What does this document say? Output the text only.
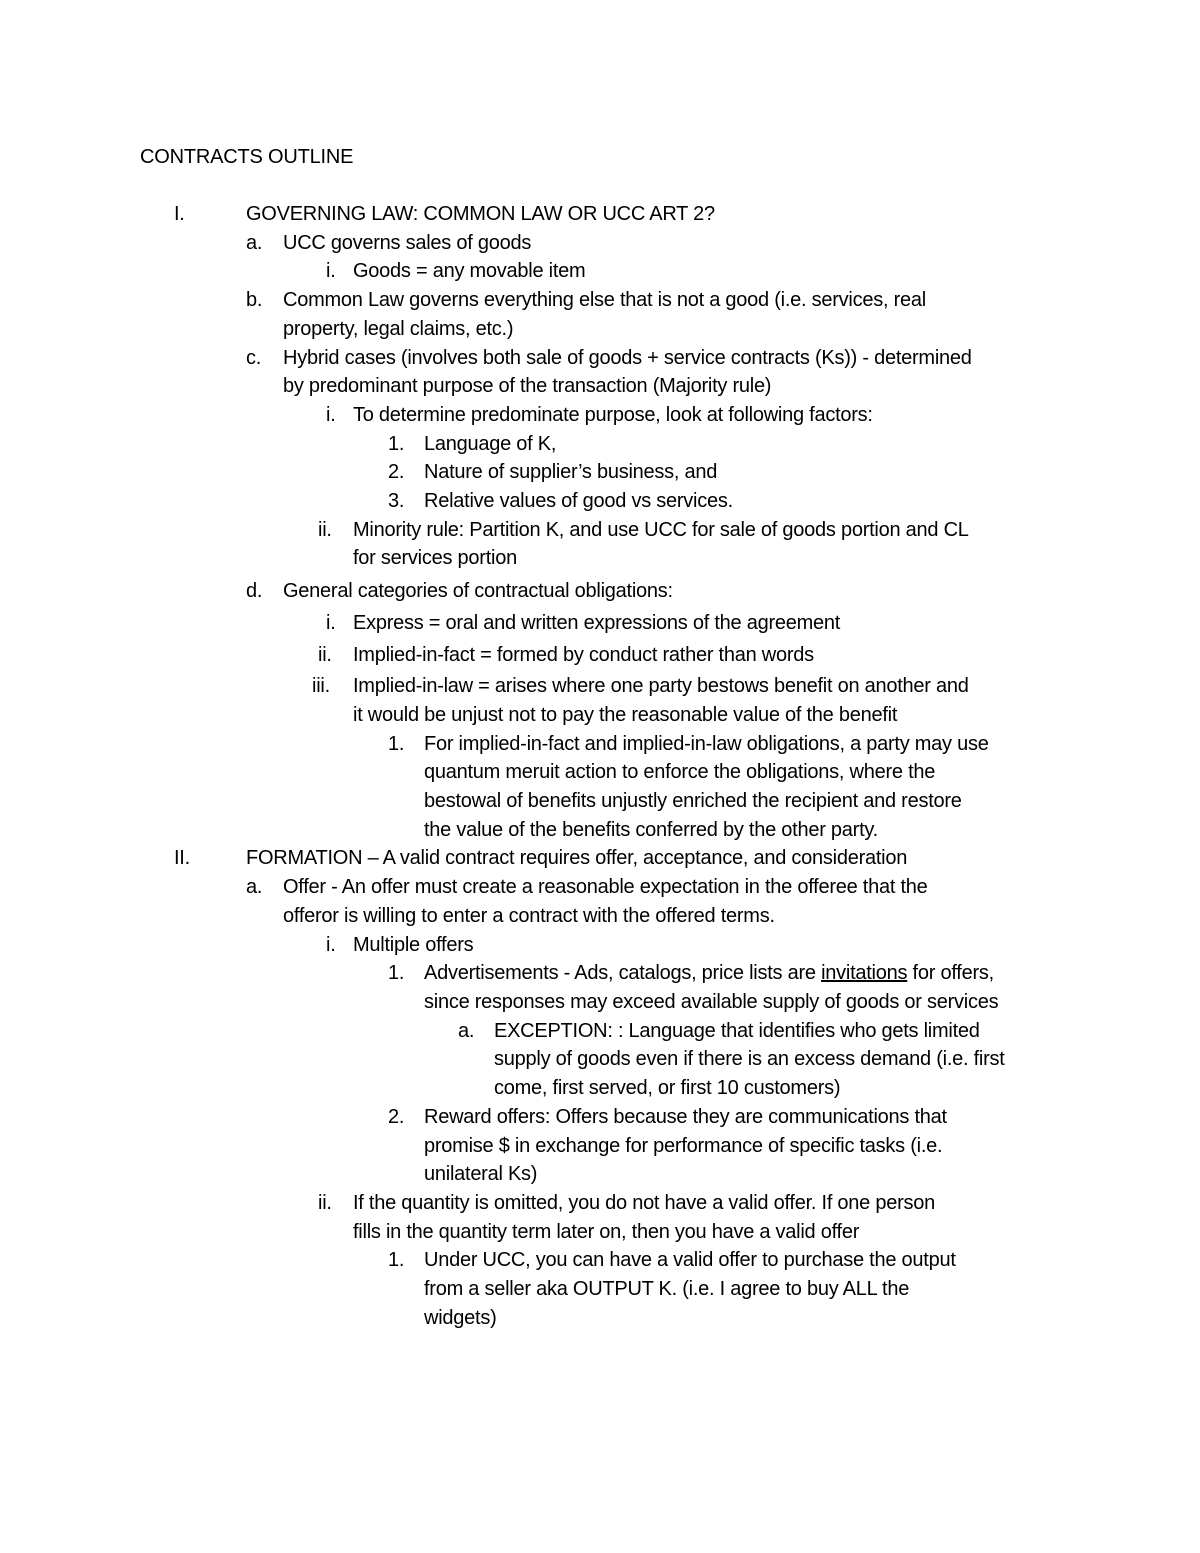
CONTRACTS OUTLINE
I.	GOVERNING LAW: COMMON LAW OR UCC ART 2?
a. UCC governs sales of goods
i. Goods = any movable item
b. Common Law governs everything else that is not a good (i.e. services, real
property, legal claims, etc.)
c. Hybrid cases (involves both sale of goods + service contracts (Ks)) - determined
by predominant purpose of the transaction (Majority rule)
i. To determine predominate purpose, look at following factors:
1. Language of K,
2. Nature of supplier’s business, and
3. Relative values of good vs services.
ii. Minority rule: Partition K, and use UCC for sale of goods portion and CL
for services portion
d. General categories of contractual obligations:
i. Express = oral and written expressions of the agreement
ii. Implied-in-fact = formed by conduct rather than words
iii. Implied-in-law = arises where one party bestows benefit on another and
it would be unjust not to pay the reasonable value of the benefit
1. For implied-in-fact and implied-in-law obligations, a party may use
quantum meruit action to enforce the obligations, where the
bestowal of benefits unjustly enriched the recipient and restore
the value of the benefits conferred by the other party.
II.	FORMATION – A valid contract requires offer, acceptance, and consideration
a. Offer - An offer must create a reasonable expectation in the offeree that the
offeror is willing to enter a contract with the offered terms.
i. Multiple offers
1. Advertisements - Ads, catalogs, price lists are invitations for offers,
since responses may exceed available supply of goods or services
a. EXCEPTION: : Language that identifies who gets limited
supply of goods even if there is an excess demand (i.e. first
come, first served, or first 10 customers)
2. Reward offers: Offers because they are communications that
promise $ in exchange for performance of specific tasks (i.e.
unilateral Ks)
ii. If the quantity is omitted, you do not have a valid offer. If one person
fills in the quantity term later on, then you have a valid offer
1. Under UCC, you can have a valid offer to purchase the output
from a seller aka OUTPUT K. (i.e. I agree to buy ALL the
widgets)
